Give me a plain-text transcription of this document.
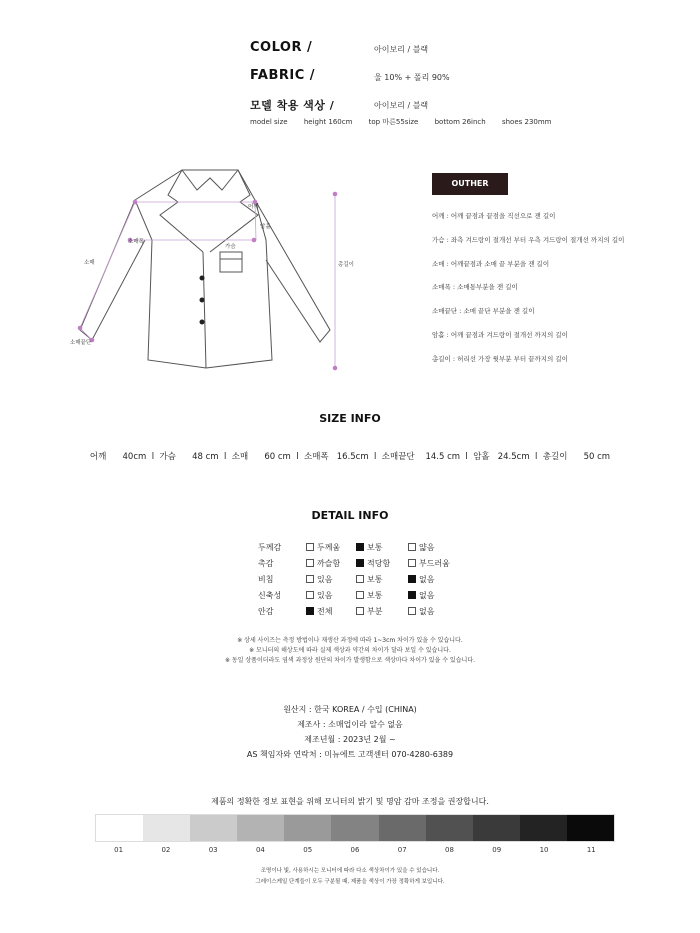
COLOR /	아이보리 / 블랙
FABRIC /	울 10% + 폴리 90%
모델 착용 색상 /	아이보리 / 블랙
model size height 160cm top 마른55size bottom 26inch shoes 230mm
어깨
가슴
소매폭
소매
암홀
소매끝단
총길이
OUTHER
어깨 : 어깨 끝점과 끝점을 직선으로 잰 길이
가슴 : 좌측 겨드랑이 절개선 부터 우측 겨드랑이 절개선 까지의 길이
소매 : 어깨끝점과 소매 끝 부분을 잰 길이
소매폭 : 소매통부분을 잰 길이
소매끝단 : 소매 끝단 부분을 잰 길이
암홀 : 어깨 끝점과 겨드랑이 절개선 까지의 길이
총길이 : 허리선 가장 윗부분 부터 끝까지의 길이
SIZE INFO
어깨      40cm  l  가슴      48 cm  l  소매      60 cm  l  소매폭   16.5cm  l  소매끝단    14.5 cm  l  암홀   24.5cm  l  총길이      50 cm
DETAIL INFO
두께감	두께움	보통	얇음
촉감	까슬함	적당함	부드러움
비침	있음	보통	없음
신축성	있음	보통	없음
안감	전체	부분	없음
※ 상세 사이즈는 측정 방법이나 재생산 과정에 따라 1~3cm 차이가 있을 수 있습니다.
※ 모니터의 해상도에 따라 실제 색상과 약간의 차이가 달라 보일 수 있습니다.
※ 동일 상품이더라도 염색 과정상 원단의 차이가 발생함으로 색상마다 차이가 있을 수 있습니다.
원산지 : 한국 KOREA / 수입 (CHINA)
제조사 : 소매업이라 알수 없음
제조년월 : 2023년 2월 ~
AS 책임자와 연락처 : 미뉴에트 고객센터 070-4280-6389
제품의 정확한 정보 표현을 위해 모니터의 밝기 및 명암 감마 조정을 권장합니다.
01	02	03	04	05	06	07	08	09	10	11
조명이나 빛, 사용하시는 모니터에 따라 다소 색상차이가 있을 수 있습니다.
그레이스케일 단계들이 모두 구분될 때, 제품을 색상이 가장 정확하게 보입니다.
